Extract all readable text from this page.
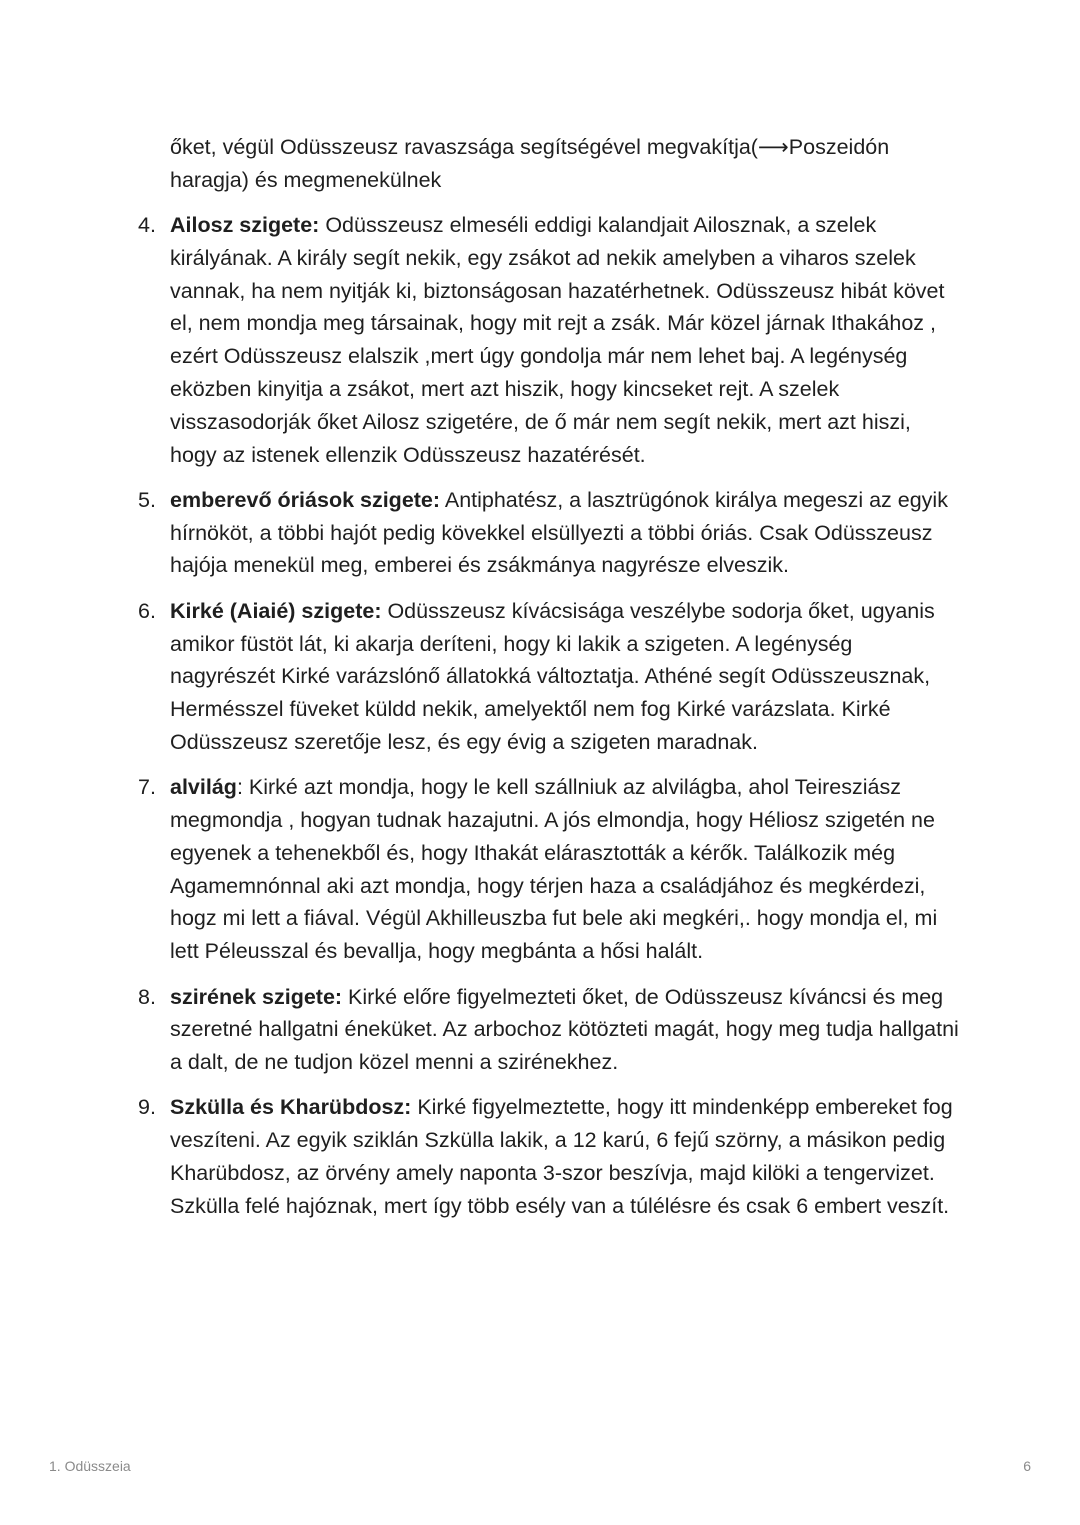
őket, végül Odüsszeusz ravaszsága segítségével megvakítja(⟶Poszeidón haragja) és megmenekülnek

4. Ailosz szigete: Odüsszeusz elmeséli eddigi kalandjait Ailosznak, a szelek királyának. A király segít nekik, egy zsákot ad nekik amelyben a viharos szelek vannak, ha nem nyitják ki, biztonságosan hazatérhetnek. Odüsszeusz hibát követ el, nem mondja meg társainak, hogy mit rejt a zsák. Már közel járnak Ithakához , ezért Odüsszeusz elalszik ,mert úgy gondolja már nem lehet baj. A legénység eközben kinyitja a zsákot, mert azt hiszik, hogy kincseket rejt. A szelek visszasodorják őket Ailosz szigetére, de ő már nem segít nekik, mert azt hiszi, hogy az istenek ellenzik Odüsszeusz hazatérését.
5. emberevő óriások szigete: Antiphatész, a lasztrügónok királya megeszi az egyik hírnököt, a többi hajót pedig kövekkel elsüllyezti a többi óriás. Csak Odüsszeusz hajója menekül meg, emberei és zsákmánya nagyrésze elveszik.
6. Kirké (Aiaié) szigete: Odüsszeusz kívácsisága veszélybe sodorja őket, ugyanis amikor füstöt lát, ki akarja deríteni, hogy ki lakik a szigeten. A legénység nagyrészét Kirké varázslónő állatokká változtatja. Athéné segít Odüsszeusznak, Hermésszel füveket küldd nekik, amelyektől nem fog Kirké varázslata. Kirké Odüsszeusz szeretője lesz, és egy évig a szigeten maradnak.
7. alvilág: Kirké azt mondja, hogy le kell szállniuk az alvilágba, ahol Teiresziász megmondja , hogyan tudnak hazajutni. A jós elmondja, hogy Héliosz szigetén ne egyenek a tehenekből és, hogy Ithakát elárasztották a kérők. Találkozik még Agamemnónnal aki azt mondja, hogy térjen haza a családjához és megkérdezi, hogz mi lett a fiával. Végül Akhilleuszba fut bele aki megkéri,. hogy mondja el, mi lett Péleusszal és bevallja, hogy megbánta a hősi halált.
8. szirének szigete: Kirké előre figyelmezteti őket, de Odüsszeusz kíváncsi és meg szeretné hallgatni éneküket. Az arbochoz kötözteti magát, hogy meg tudja hallgatni a dalt, de ne tudjon közel menni a szirénekhez.
9. Szkülla és Kharübdosz: Kirké figyelmeztette, hogy itt mindenképp embereket fog veszíteni. Az egyik sziklán Szkülla lakik, a 12 karú, 6 fejű szörny, a másikon pedig Kharübdosz, az örvény amely naponta 3-szor beszívja, majd kilöki a tengervizet. Szkülla felé hajóznak, mert így több esély van a túlélésre és csak 6 embert veszít.
1. Odüsszeia	6
